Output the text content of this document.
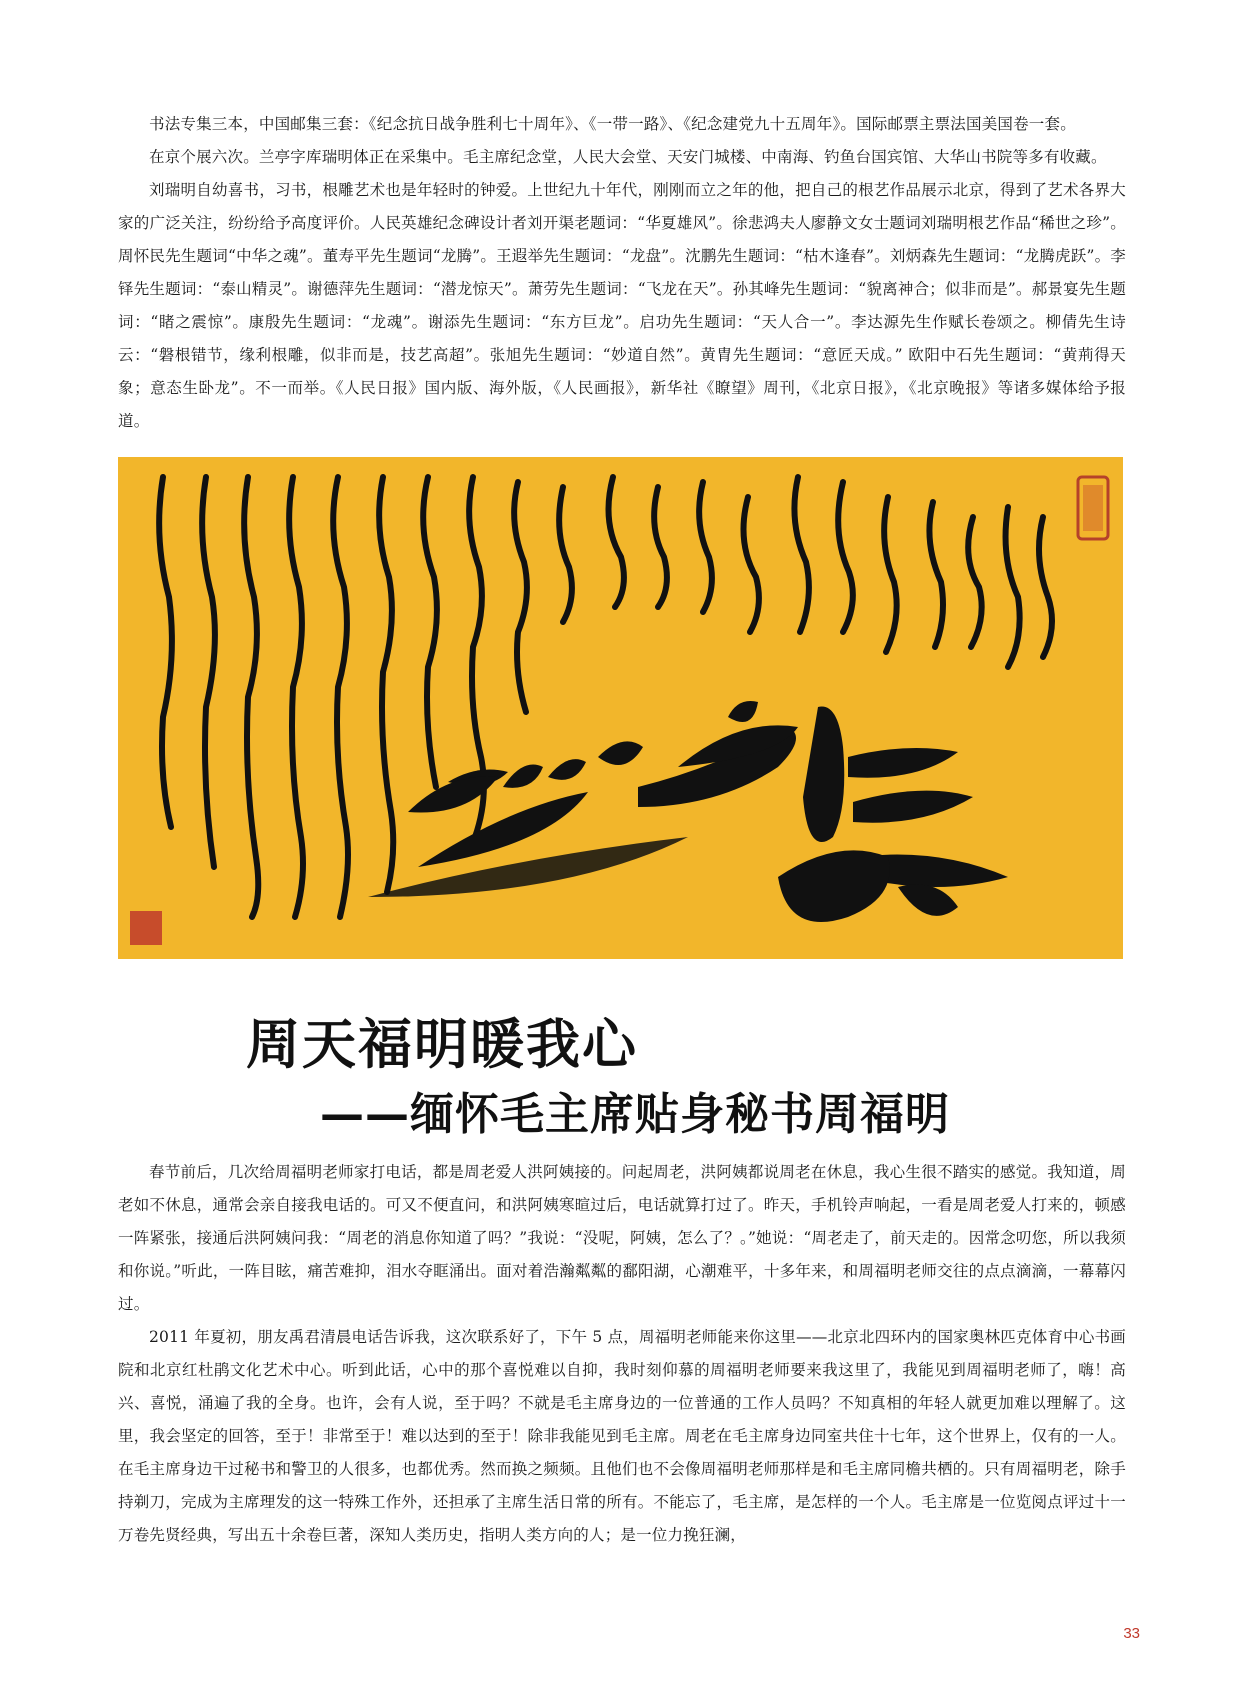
书法专集三本，中国邮集三套：《纪念抗日战争胜利七十周年》、《一带一路》、《纪念建党九十五周年》。国际邮票主票法国美国卷一套。

在京个展六次。兰亭字库瑞明体正在采集中。毛主席纪念堂，人民大会堂、天安门城楼、中南海、钓鱼台国宾馆、大华山书院等多有收藏。

刘瑞明自幼喜书，习书，根雕艺术也是年轻时的钟爱。上世纪九十年代，刚刚而立之年的他，把自己的根艺作品展示北京，得到了艺术各界大家的广泛关注，纷纷给予高度评价。人民英雄纪念碑设计者刘开渠老题词：“华夏雄风”。徐悲鸿夫人廖静文女士题词刘瑞明根艺作品“稀世之珍”。周怀民先生题词“中华之魂”。董寿平先生题词“龙腾”。王遐举先生题词：“龙盘”。沈鹏先生题词：“枯木逢春”。刘炳森先生题词：“龙腾虎跃”。李铎先生题词：“泰山精灵”。谢德萍先生题词：“潜龙惊天”。萧劳先生题词：“飞龙在天”。孙其峰先生题词：“貌离神合；似非而是”。郝景宴先生题词：“睹之震惊”。康殷先生题词：“龙魂”。谢添先生题词：“东方巨龙”。启功先生题词：“天人合一”。李达源先生作赋长卷颂之。柳倩先生诗云：“磐根错节，缘利根雕，似非而是，技艺高超”。张旭先生题词：“妙道自然”。黄胄先生题词：“意匠天成。” 欧阳中石先生题词：“黄荊得天象；意态生卧龙”。不一而举。《人民日报》国内版、海外版，《人民画报》，新华社《瞭望》周刊，《北京日报》，《北京晚报》等诸多媒体给予报道。

周天福明暖我心
——缅怀毛主席贴身秘书周福明

春节前后，几次给周福明老师家打电话，都是周老爱人洪阿姨接的。问起周老，洪阿姨都说周老在休息，我心生很不踏实的感觉。我知道，周老如不休息，通常会亲自接我电话的。可又不便直问，和洪阿姨寒暄过后，电话就算打过了。昨天，手机铃声响起，一看是周老爱人打来的，顿感一阵紧张，接通后洪阿姨问我：“周老的消息你知道了吗？”我说：“没呢，阿姨，怎么了？。”她说：“周老走了，前天走的。因常念叨您，所以我须和你说。”听此，一阵目眩，痛苦难抑，泪水夺眶涌出。面对着浩瀚粼粼的鄱阳湖，心潮难平，十多年来，和周福明老师交往的点点滴滴，一幕幕闪过。

2011 年夏初，朋友禹君清晨电话告诉我，这次联系好了，下午 5 点，周福明老师能来你这里——北京北四环内的国家奥林匹克体育中心书画院和北京红杜鹃文化艺术中心。听到此话，心中的那个喜悦难以自抑，我时刻仰慕的周福明老师要来我这里了，我能见到周福明老师了，嗨！高兴、喜悦，涌遍了我的全身。也许，会有人说，至于吗？不就是毛主席身边的一位普通的工作人员吗？不知真相的年轻人就更加难以理解了。这里，我会坚定的回答，至于！非常至于！难以达到的至于！除非我能见到毛主席。周老在毛主席身边同室共住十七年，这个世界上，仅有的一人。在毛主席身边干过秘书和警卫的人很多，也都优秀。然而换之频频。且他们也不会像周福明老师那样是和毛主席同檐共栖的。只有周福明老，除手持剃刀，完成为主席理发的这一特殊工作外，还担承了主席生活日常的所有。不能忘了，毛主席，是怎样的一个人。毛主席是一位览阅点评过十一万卷先贤经典，写出五十余卷巨著，深知人类历史，指明人类方向的人；是一位力挽狂澜，

33
